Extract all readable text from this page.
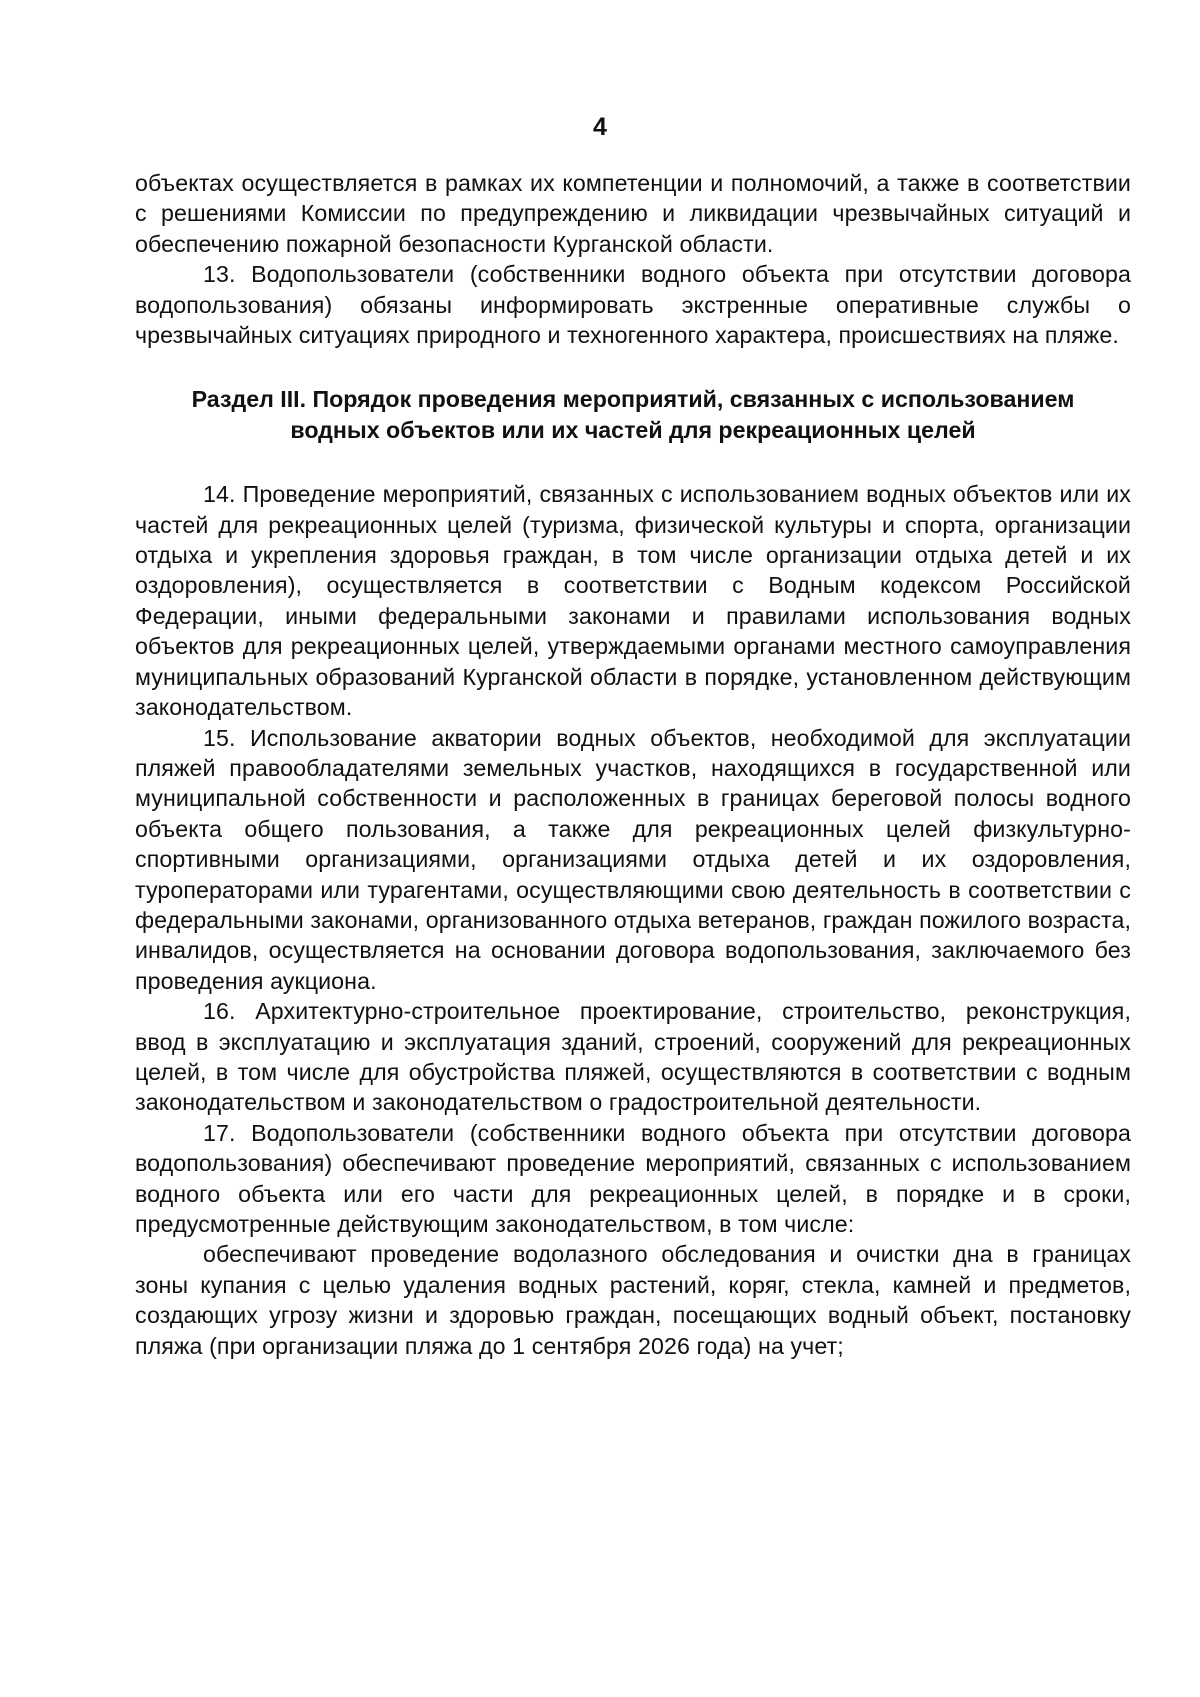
4

объектах осуществляется в рамках их компетенции и полномочий, а также в соответствии с решениями Комиссии по предупреждению и ликвидации чрезвычайных ситуаций и обеспечению пожарной безопасности Курганской области.

13. Водопользователи (собственники водного объекта при отсутствии договора водопользования) обязаны информировать экстренные оперативные службы о чрезвычайных ситуациях природного и техногенного характера, происшествиях на пляже.

Раздел III. Порядок проведения мероприятий, связанных с использованием
водных объектов или их частей для рекреационных целей

14. Проведение мероприятий, связанных с использованием водных объектов или их частей для рекреационных целей (туризма, физической культуры и спорта, организации отдыха и укрепления здоровья граждан, в том числе организации отдыха детей и их оздоровления), осуществляется в соответствии с Водным кодексом Российской Федерации, иными федеральными законами и правилами использования водных объектов для рекреационных целей, утверждаемыми органами местного самоуправления муниципальных образований Курганской области в порядке, установленном действующим законодательством.

15. Использование акватории водных объектов, необходимой для эксплуатации пляжей правообладателями земельных участков, находящихся в государственной или муниципальной собственности и расположенных в границах береговой полосы водного объекта общего пользования, а также для рекреационных целей физкультурно-спортивными организациями, организациями отдыха детей и их оздоровления, туроператорами или турагентами, осуществляющими свою деятельность в соответствии с федеральными законами, организованного отдыха ветеранов, граждан пожилого возраста, инвалидов, осуществляется на основании договора водопользования, заключаемого без проведения аукциона.

16. Архитектурно-строительное проектирование, строительство, реконструкция, ввод в эксплуатацию и эксплуатация зданий, строений, сооружений для рекреационных целей, в том числе для обустройства пляжей, осуществляются в соответствии с водным законодательством и законодательством о градостроительной деятельности.

17. Водопользователи (собственники водного объекта при отсутствии договора водопользования) обеспечивают проведение мероприятий, связанных с использованием водного объекта или его части для рекреационных целей, в порядке и в сроки, предусмотренные действующим законодательством, в том числе:

обеспечивают проведение водолазного обследования и очистки дна в границах зоны купания с целью удаления водных растений, коряг, стекла, камней и предметов, создающих угрозу жизни и здоровью граждан, посещающих водный объект, постановку пляжа (при организации пляжа до 1 сентября 2026 года) на учет;
